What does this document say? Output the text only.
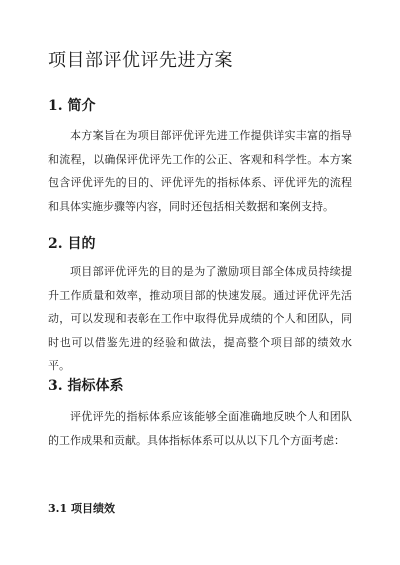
项目部评优评先进方案
1. 简介

本方案旨在为项目部评优评先进工作提供详实丰富的指导和流程，以确保评优评先工作的公正、客观和科学性。本方案包含评优评先的目的、评优评先的指标体系、评优评先的流程和具体实施步骤等内容，同时还包括相关数据和案例支持。

2. 目的

项目部评优评先的目的是为了激励项目部全体成员持续提升工作质量和效率，推动项目部的快速发展。通过评优评先活动，可以发现和表彰在工作中取得优异成绩的个人和团队，同时也可以借鉴先进的经验和做法，提高整个项目部的绩效水平。

3. 指标体系

评优评先的指标体系应该能够全面准确地反映个人和团队的工作成果和贡献。具体指标体系可以从以下几个方面考虑：

3.1 项目绩效
